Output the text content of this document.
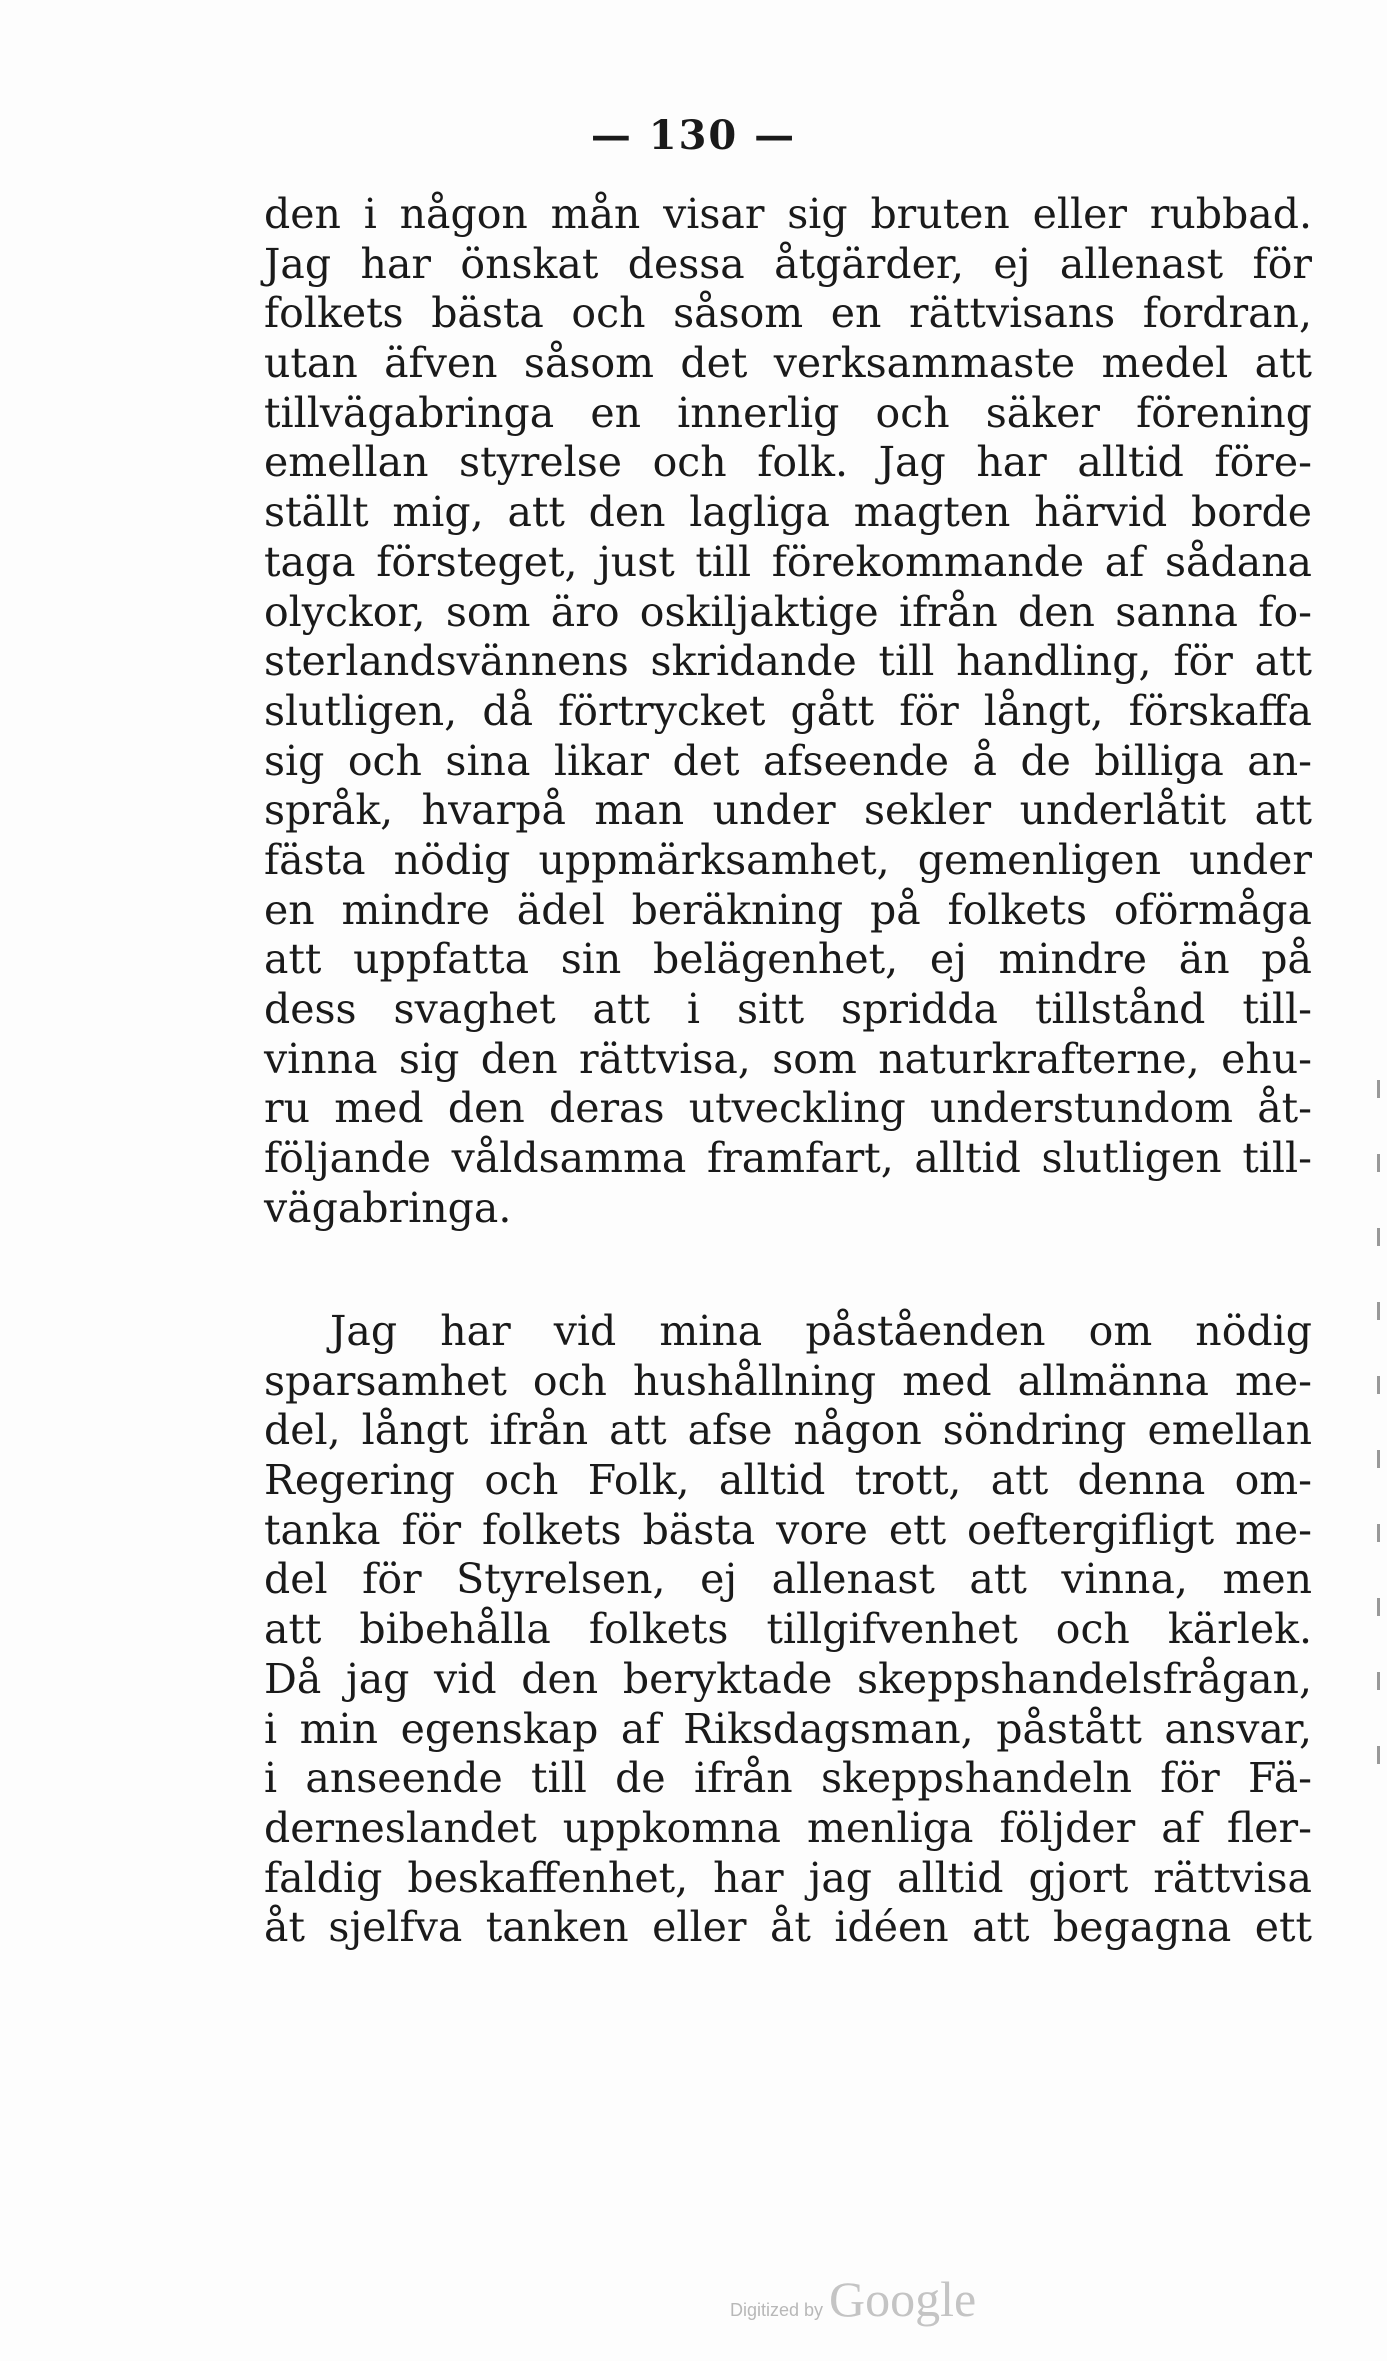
— 130 —
den i någon mån visar sig bruten eller rubbad.
Jag har önskat dessa åtgärder, ej allenast för
folkets bästa och såsom en rättvisans fordran,
utan äfven såsom det verksammaste medel att
tillvägabringa en innerlig och säker förening
emellan styrelse och folk. Jag har alltid före-
ställt mig, att den lagliga magten härvid borde
taga försteget, just till förekommande af sådana
olyckor, som äro oskiljaktige ifrån den sanna fo-
sterlandsvännens skridande till handling, för att
slutligen, då förtrycket gått för långt, förskaffa
sig och sina likar det afseende å de billiga an-
språk, hvarpå man under sekler underlåtit att
fästa nödig uppmärksamhet, gemenligen under
en mindre ädel beräkning på folkets oförmåga
att uppfatta sin belägenhet, ej mindre än på
dess svaghet att i sitt spridda tillstånd till-
vinna sig den rättvisa, som naturkrafterne, ehu-
ru med den deras utveckling understundom åt-
följande våldsamma framfart, alltid slutligen till-
vägabringa.
Jag har vid mina påståenden om nödig
sparsamhet och hushållning med allmänna me-
del, långt ifrån att afse någon söndring emellan
Regering och Folk, alltid trott, att denna om-
tanka för folkets bästa vore ett oeftergifligt me-
del för Styrelsen, ej allenast att vinna, men
att bibehålla folkets tillgifvenhet och kärlek.
Då jag vid den beryktade skeppshandelsfrågan,
i min egenskap af Riksdagsman, påstått ansvar,
i anseende till de ifrån skeppshandeln för Fä-
derneslandet uppkomna menliga följder af fler-
faldig beskaffenhet, har jag alltid gjort rättvisa
åt sjelfva tanken eller åt idéen att begagna ett
Digitized by Google
